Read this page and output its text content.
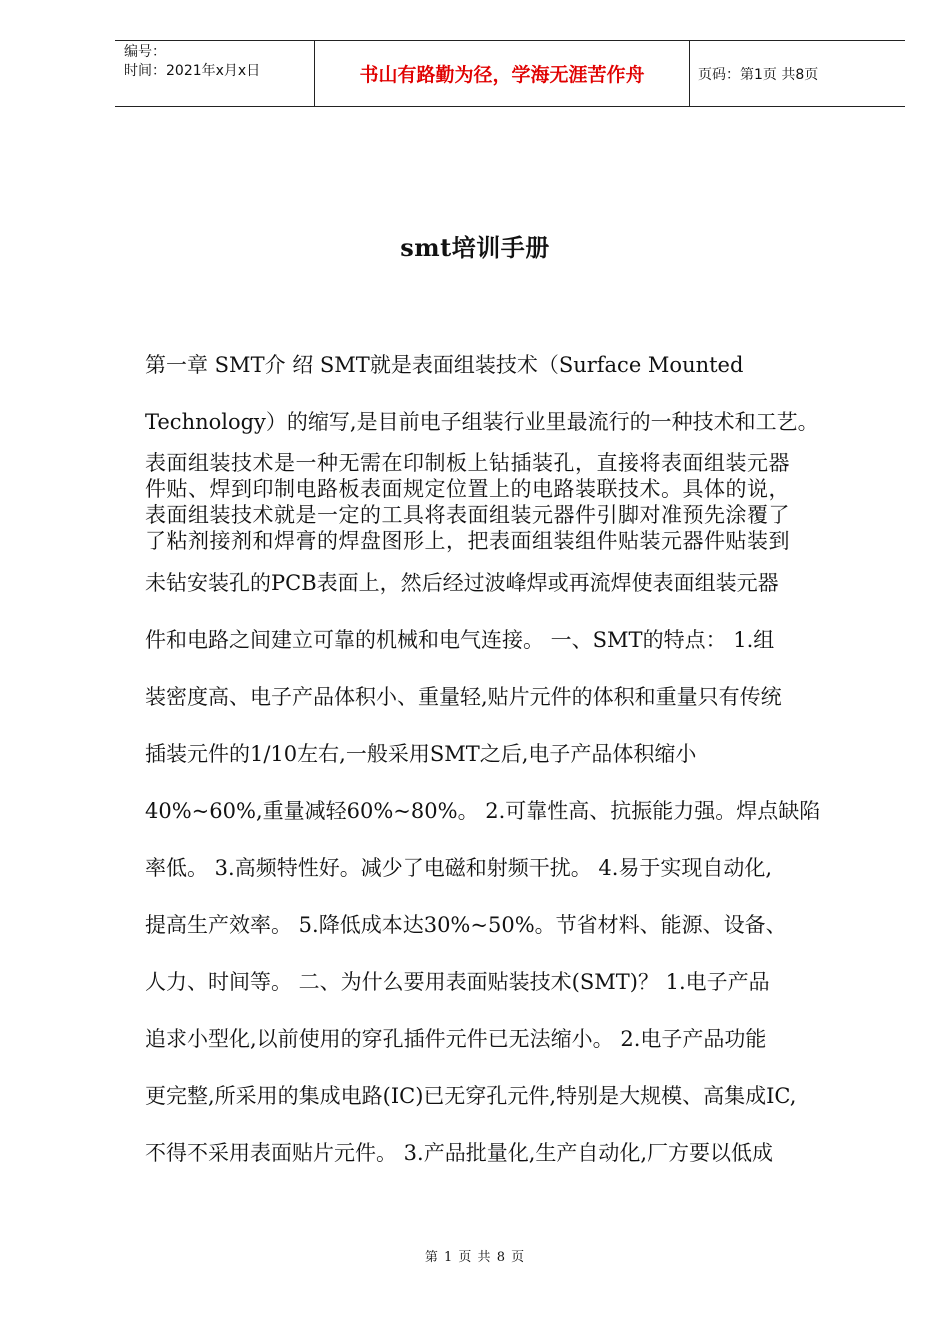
编号：
时间：2021年x月x日	书山有路勤为径，学海无涯苦作舟	页码：第1页 共8页
smt培训手册
第一章 SMT介 绍 SMT就是表面组装技术（Surface Mounted
Technology）的缩写,是目前电子组装行业里最流行的一种技术和工艺。
表面组装技术是一种无需在印制板上钻插装孔，直接将表面组装元器
件贴、焊到印制电路板表面规定位置上的电路装联技术。具体的说，
表面组装技术就是一定的工具将表面组装元器件引脚对准预先涂覆了
了粘剂接剂和焊膏的焊盘图形上，把表面组装组件贴装元器件贴装到
未钻安装孔的PCB表面上，然后经过波峰焊或再流焊使表面组装元器
件和电路之间建立可靠的机械和电气连接。 一、SMT的特点： 1.组
装密度高、电子产品体积小、重量轻,贴片元件的体积和重量只有传统
插装元件的1/10左右,一般采用SMT之后,电子产品体积缩小
40%~60%,重量减轻60%~80%。 2.可靠性高、抗振能力强。焊点缺陷
率低。 3.高频特性好。减少了电磁和射频干扰。 4.易于实现自动化,
提高生产效率。 5.降低成本达30%~50%。节省材料、能源、设备、
人力、时间等。 二、为什么要用表面贴装技术(SMT)？ 1.电子产品
追求小型化,以前使用的穿孔插件元件已无法缩小。 2.电子产品功能
更完整,所采用的集成电路(IC)已无穿孔元件,特别是大规模、高集成IC,
不得不采用表面贴片元件。 3.产品批量化,生产自动化,厂方要以低成
第 1 页 共 8 页
